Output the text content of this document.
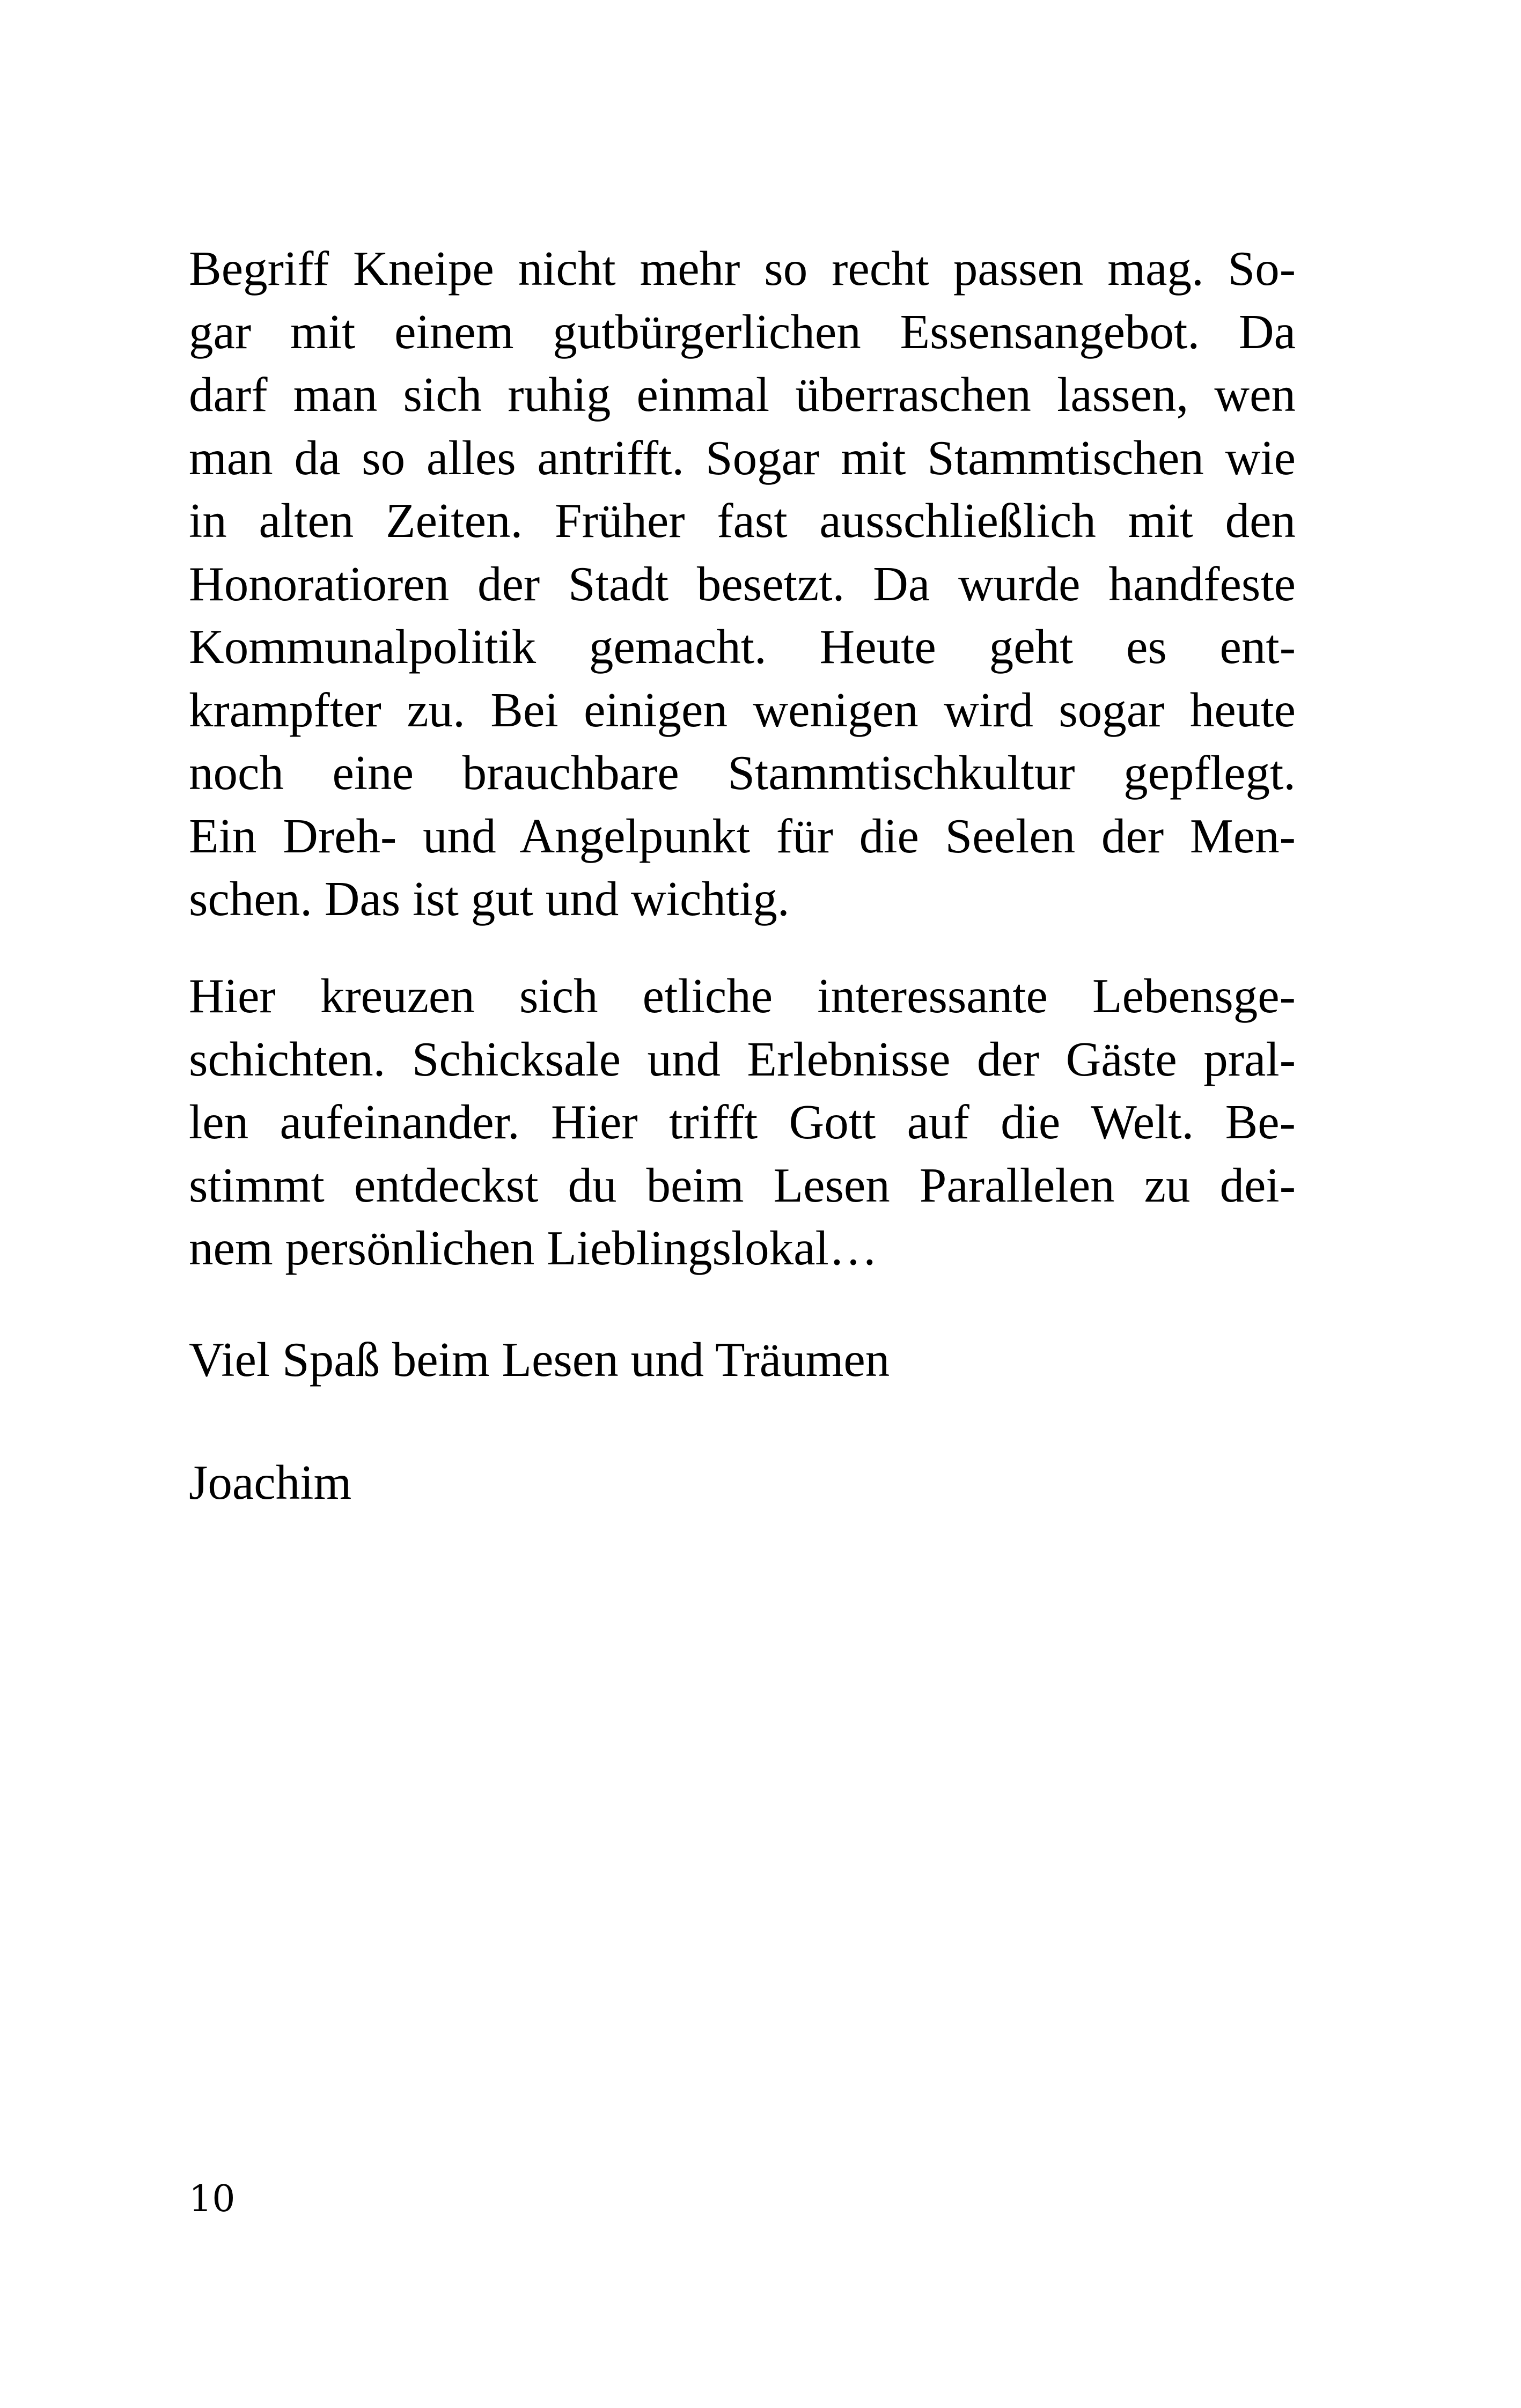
Begriff Kneipe nicht mehr so recht passen mag. So-
gar mit einem gutbürgerlichen Essensangebot. Da
darf man sich ruhig einmal überraschen lassen, wen
man da so alles antrifft. Sogar mit Stammtischen wie
in alten Zeiten. Früher fast ausschließlich mit den
Honoratioren der Stadt besetzt. Da wurde handfeste
Kommunalpolitik gemacht. Heute geht es ent-
krampfter zu. Bei einigen wenigen wird sogar heute
noch eine brauchbare Stammtischkultur gepflegt.
Ein Dreh- und Angelpunkt für die Seelen der Men-
schen. Das ist gut und wichtig.
Hier kreuzen sich etliche interessante Lebensge-
schichten. Schicksale und Erlebnisse der Gäste pral-
len aufeinander. Hier trifft Gott auf die Welt. Be-
stimmt entdeckst du beim Lesen Parallelen zu dei-
nem persönlichen Lieblingslokal…
Viel Spaß beim Lesen und Träumen
Joachim
10
